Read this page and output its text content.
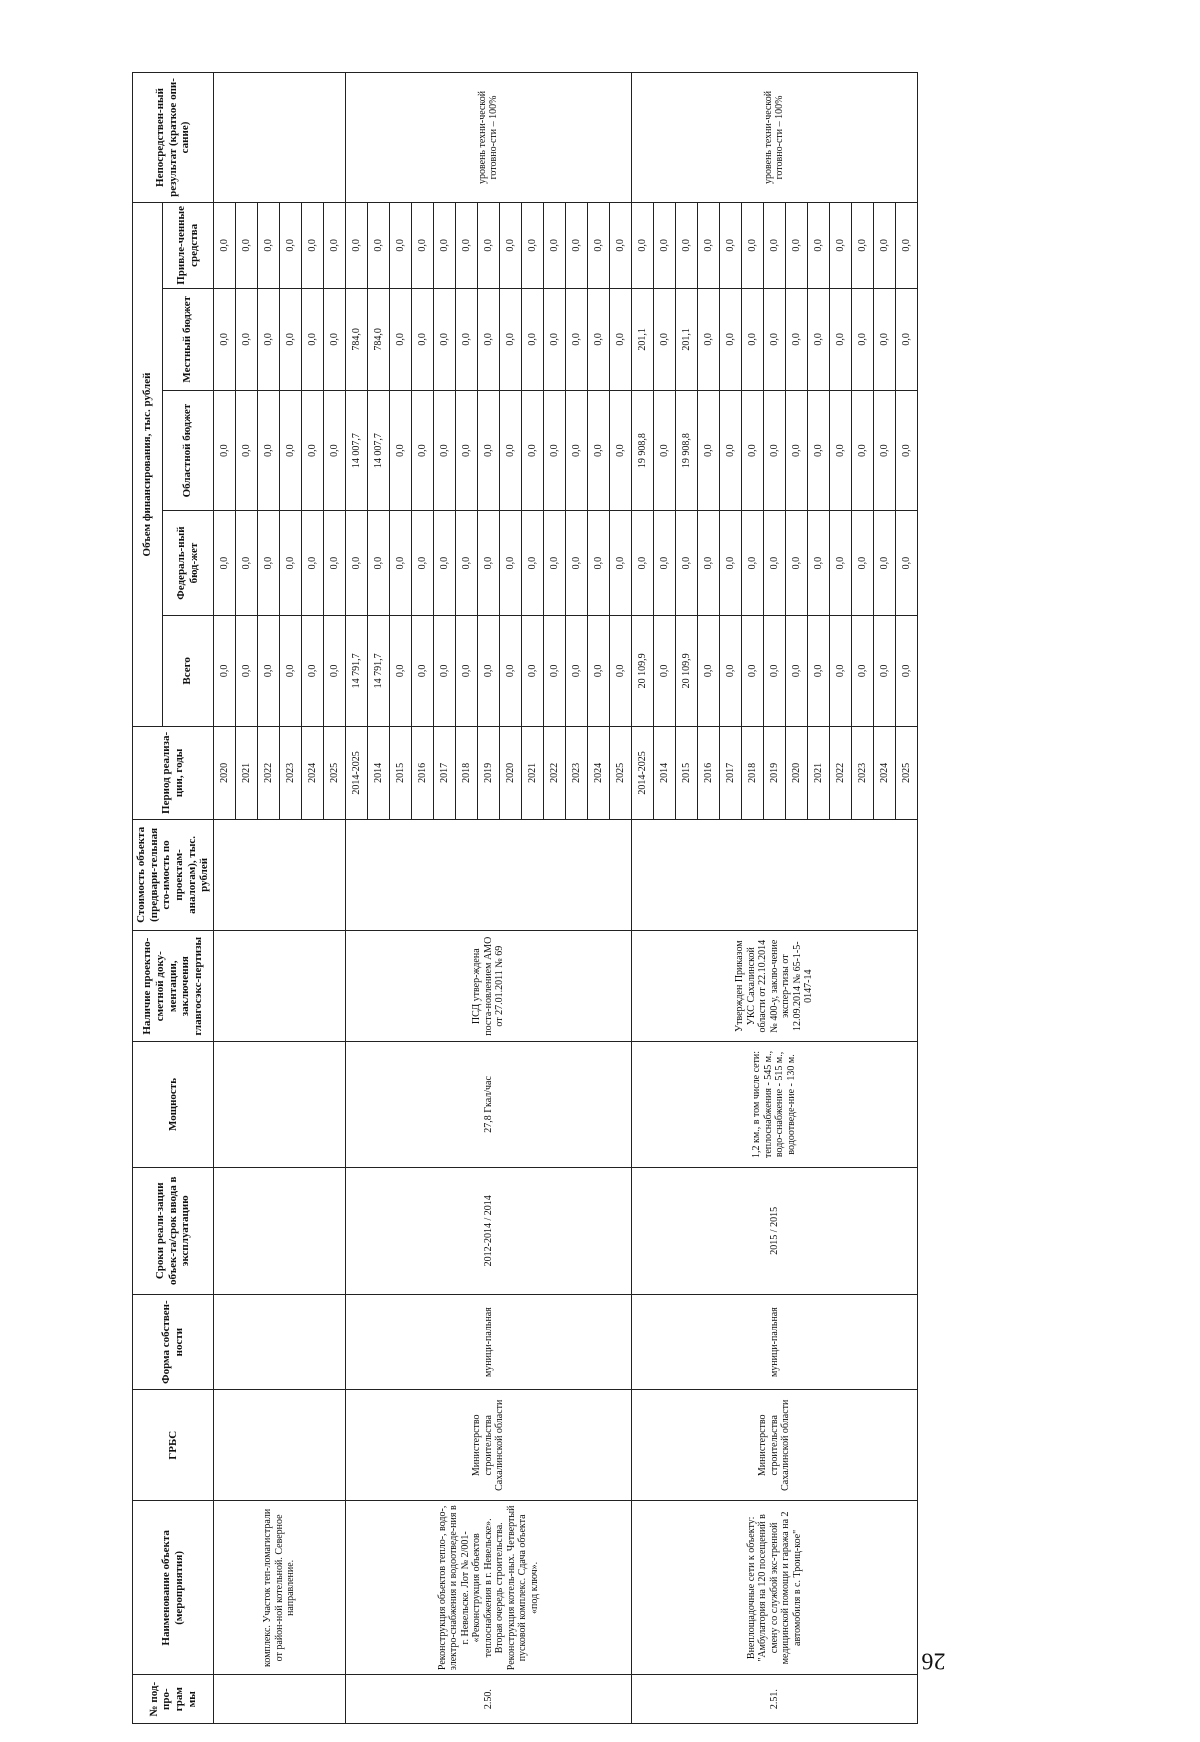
26
№ под-про-грам мы	Наименование объекта (мероприятия)	ГРБС	Форма собствен-ности	Сроки реали-зации объек-та/срок ввода в эксплуатацию	Мощность	Наличие проектно-сметной доку-ментации, заключения главгосэкс-пертизы	Стоимость объекта (предвари-тельная сто-имость по проектам-аналогам), тыс. рублей	Период реализа-ции, годы	Объем финансирования, тыс. рублей					Непосредствен-ный результат (краткое опи-сание)
									Всего	Федераль-ный бюд-жет	Областной бюджет	Местный бюджет	Привле-ченные средства	
	комплекс. Участок теп-ломагистрали от район-ной котельной. Северное направление.							2020	0,0	0,0	0,0	0,0	0,0	
								2021	0,0	0,0	0,0	0,0	0,0	
								2022	0,0	0,0	0,0	0,0	0,0	
								2023	0,0	0,0	0,0	0,0	0,0	
								2024	0,0	0,0	0,0	0,0	0,0	
								2025	0,0	0,0	0,0	0,0	0,0	
2.50.	Реконструкция объектов тепло-, водо-, электро-снабжения и водоотведе-ния в г. Невельске. Лот № 2/001- «Реконструкция объектов теплоснабжения в г. Невельске». Вторая очередь строительства. Реконструкция котель-ных. Четвертый пусковой комплекс. Сдача объекта «под ключ».	Министерство строительства Сахалинской области	муници-пальная	2012-2014 / 2014	27,8 Гкал/час	ПСД утвер-ждена поста-новлением АМО от 27.01.2011 № 69		2014-2025	14 791,7	0,0	14 007,7	784,0	0,0	уровень техни-ческой готовно-сти – 100%
								2014	14 791,7	0,0	14 007,7	784,0	0,0	
								2015	0,0	0,0	0,0	0,0	0,0	
								2016	0,0	0,0	0,0	0,0	0,0	
								2017	0,0	0,0	0,0	0,0	0,0	
								2018	0,0	0,0	0,0	0,0	0,0	
								2019	0,0	0,0	0,0	0,0	0,0	
								2020	0,0	0,0	0,0	0,0	0,0	
								2021	0,0	0,0	0,0	0,0	0,0	
								2022	0,0	0,0	0,0	0,0	0,0	
								2023	0,0	0,0	0,0	0,0	0,0	
								2024	0,0	0,0	0,0	0,0	0,0	
								2025	0,0	0,0	0,0	0,0	0,0	
2.51.	Внеплощадочные сети к объекту: "Амбулатория на 120 посещений в смену со службой экс-тренной медицинской помощи и гаража на 2 автомобиля в с. Троиц-кое"	Министерство строительства Сахалинской области	муници-пальная	2015 / 2015	1,2 км., в том числе сети: теплоснабжения - 545 м., водо-снабжение - 515 м., водоотведе-ние - 130 м.	Утвержден Приказом УКС Сахалинской области от 22.10.2014 № 400-у, заклю-чение экспер-тизы от 12.09.2014 № 65-1-5-0147-14		2014-2025	20 109,9	0,0	19 908,8	201,1	0,0	уровень техни-ческой готовно-сти – 100%
								2014	0,0	0,0	0,0	0,0	0,0	
								2015	20 109,9	0,0	19 908,8	201,1	0,0	
								2016	0,0	0,0	0,0	0,0	0,0	
								2017	0,0	0,0	0,0	0,0	0,0	
								2018	0,0	0,0	0,0	0,0	0,0	
								2019	0,0	0,0	0,0	0,0	0,0	
								2020	0,0	0,0	0,0	0,0	0,0	
								2021	0,0	0,0	0,0	0,0	0,0	
								2022	0,0	0,0	0,0	0,0	0,0	
								2023	0,0	0,0	0,0	0,0	0,0	
								2024	0,0	0,0	0,0	0,0	0,0	
								2025	0,0	0,0	0,0	0,0	0,0	
